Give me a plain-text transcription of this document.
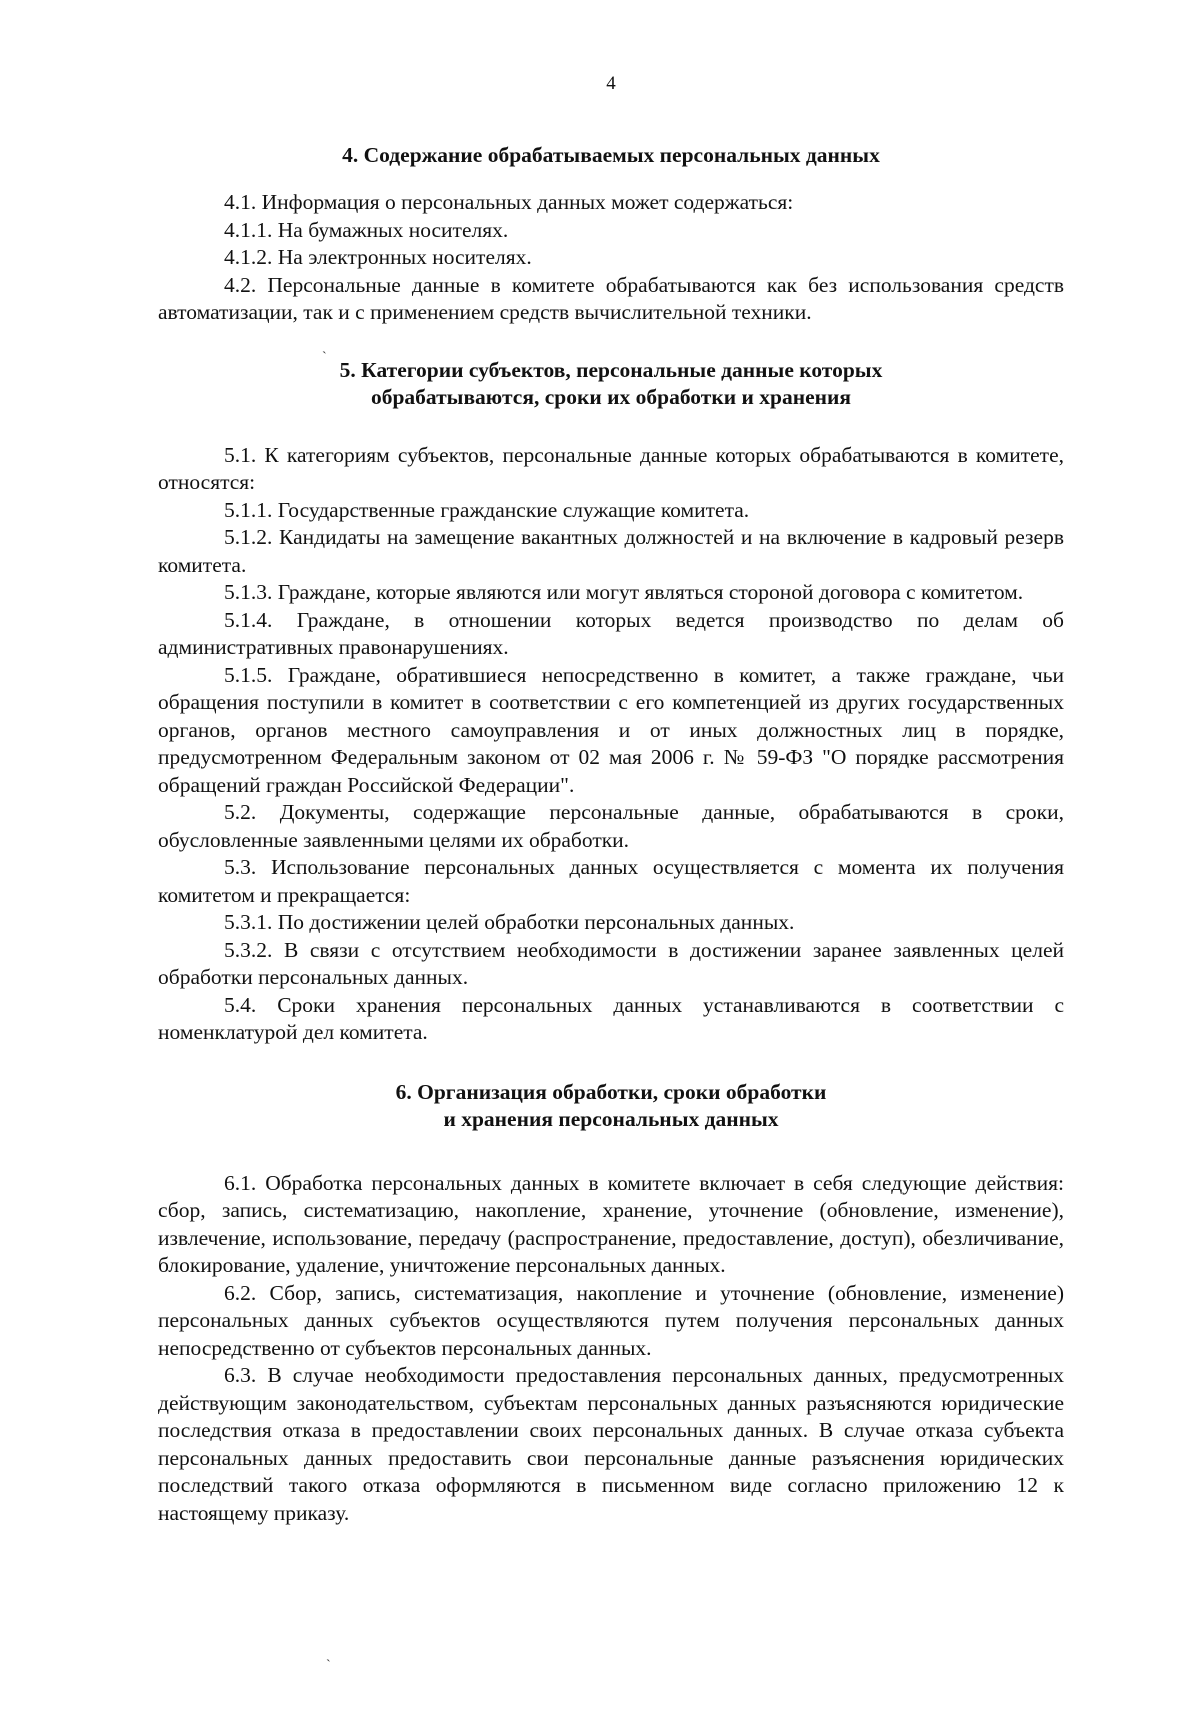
`
`
4
4. Содержание обрабатываемых персональных данных

4.1. Информация о персональных данных может содержаться:

4.1.1. На бумажных носителях.

4.1.2. На электронных носителях.

4.2. Персональные данные в комитете обрабатываются как без использования средств автоматизации, так и с применением средств вычислительной техники.

5. Категории субъектов, персональные данные которых
обрабатываются, сроки их обработки и хранения

5.1. К категориям субъектов, персональные данные которых обрабатываются в комитете, относятся:

5.1.1. Государственные гражданские служащие комитета.

5.1.2. Кандидаты на замещение вакантных должностей и на включение в кадровый резерв комитета.

5.1.3. Граждане, которые являются или могут являться стороной договора с комитетом.

5.1.4. Граждане, в отношении которых ведется производство по делам об административных правонарушениях.

5.1.5. Граждане, обратившиеся непосредственно в комитет, а также граждане, чьи обращения поступили в комитет в соответствии с его компетенцией из других государственных органов, органов местного самоуправления и от иных должностных лиц в порядке, предусмотренном Федеральным законом от 02 мая 2006 г. № 59-ФЗ "О порядке рассмотрения обращений граждан Российской Федерации".

5.2. Документы, содержащие персональные данные, обрабатываются в сроки, обусловленные заявленными целями их обработки.

5.3. Использование персональных данных осуществляется с момента их получения комитетом и прекращается:

5.3.1. По достижении целей обработки персональных данных.

5.3.2. В связи с отсутствием необходимости в достижении заранее заявленных целей обработки персональных данных.

5.4. Сроки хранения персональных данных устанавливаются в соответствии с номенклатурой дел комитета.

6. Организация обработки, сроки обработки
и хранения персональных данных

6.1. Обработка персональных данных в комитете включает в себя следующие действия: сбор, запись, систематизацию, накопление, хранение, уточнение (обновление, изменение), извлечение, использование, передачу (распространение, предоставление, доступ), обезличивание, блокирование, удаление, уничтожение персональных данных.

6.2. Сбор, запись, систематизация, накопление и уточнение (обновление, изменение) персональных данных субъектов осуществляются путем получения персональных данных непосредственно от субъектов персональных данных.

6.3. В случае необходимости предоставления персональных данных, предусмотренных действующим законодательством, субъектам персональных данных разъясняются юридические последствия отказа в предоставлении своих персональных данных. В случае отказа субъекта персональных данных предоставить свои персональные данные разъяснения юридических последствий такого отказа оформляются в письменном виде согласно приложению 12 к настоящему приказу.
